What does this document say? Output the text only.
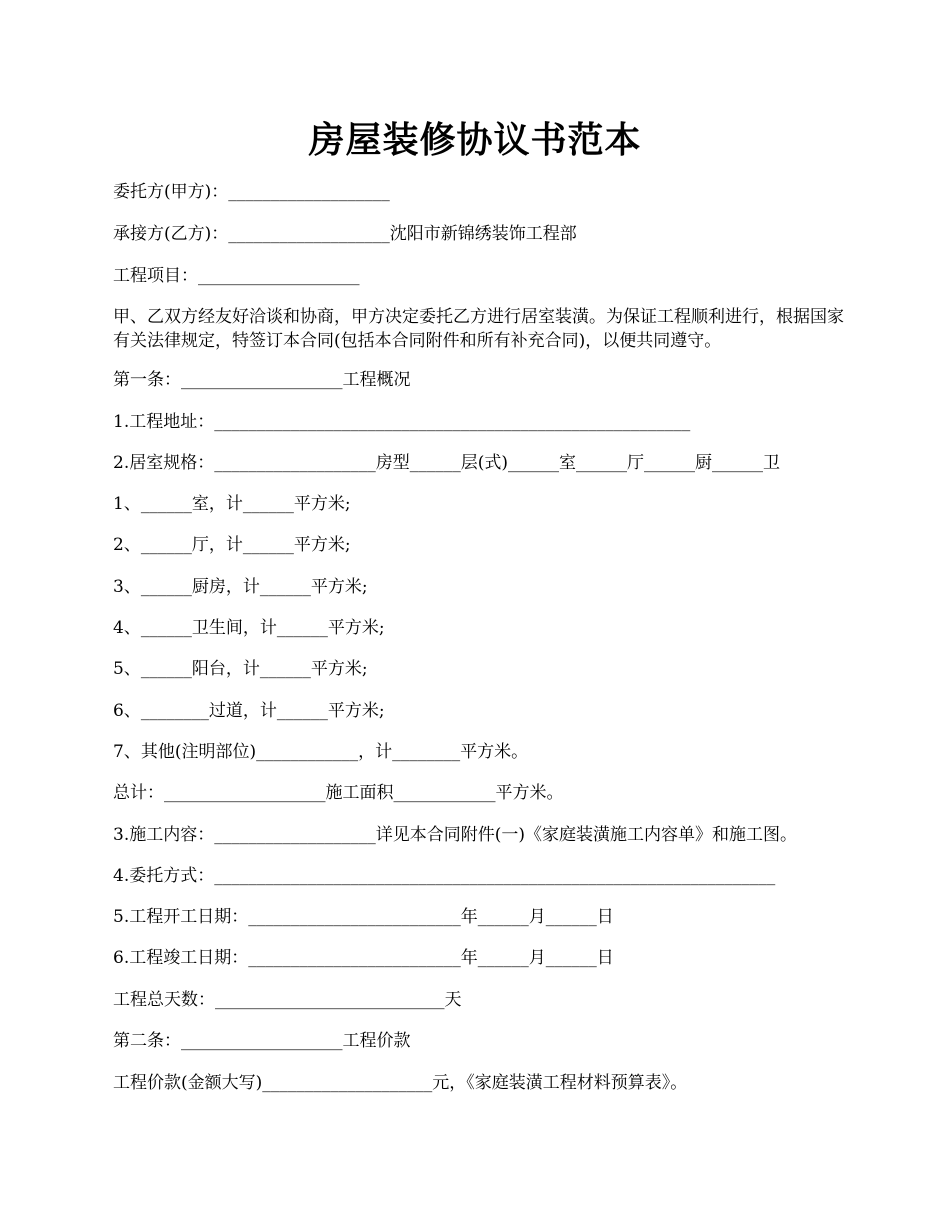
房屋装修协议书范本
委托方(甲方)：___________________
承接方(乙方)：___________________沈阳市新锦绣装饰工程部
工程项目：___________________
甲、乙双方经友好洽谈和协商，甲方决定委托乙方进行居室装潢。为保证工程顺利进行，根据国家有关法律规定，特签订本合同(包括本合同附件和所有补充合同)，以便共同遵守。
第一条：___________________工程概况
1.工程地址：________________________________________________________
2.居室规格：___________________房型______层(式)______室______厅______厨______卫
1、______室，计______平方米;
2、______厅，计______平方米;
3、______厨房，计______平方米;
4、______卫生间，计______平方米;
5、______阳台，计______平方米;
6、________过道，计______平方米;
7、其他(注明部位)____________，计________平方米。
总计：___________________施工面积____________平方米。
3.施工内容：___________________详见本合同附件(一)《家庭装潢施工内容单》和施工图。
4.委托方式：__________________________________________________________________
5.工程开工日期：_________________________年______月______日
6.工程竣工日期：_________________________年______月______日
工程总天数：___________________________天
第二条：___________________工程价款
工程价款(金额大写)____________________元，《家庭装潢工程材料预算表》。
